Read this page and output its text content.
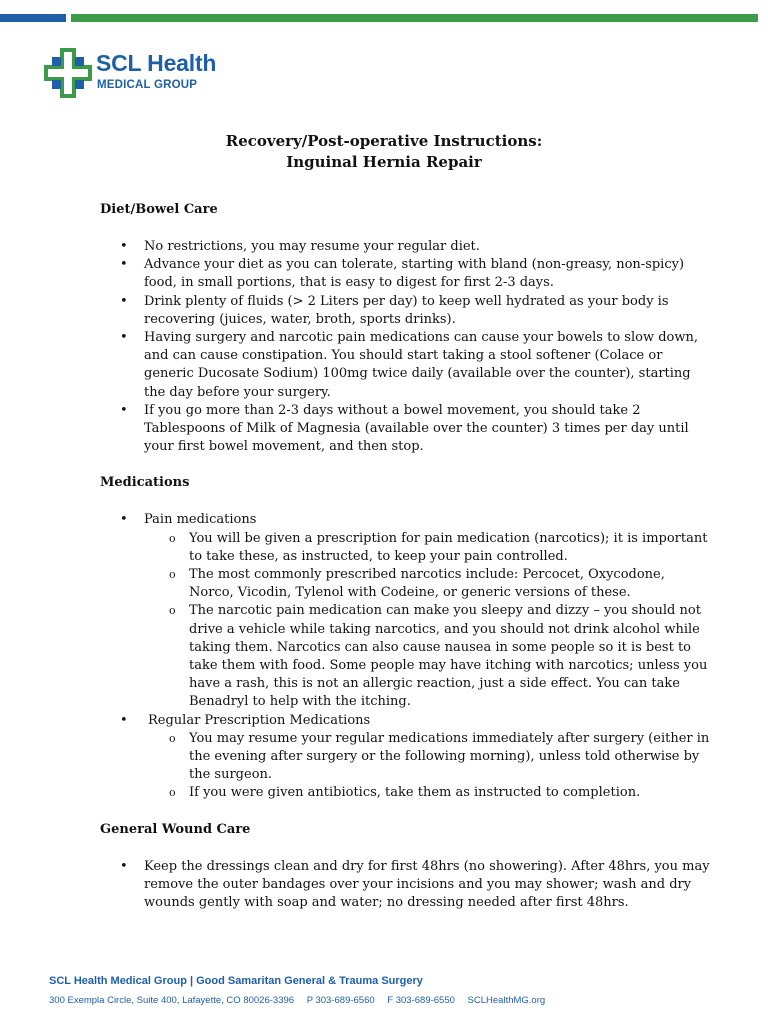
SCL Health
MEDICAL GROUP
Recovery/Post-operative Instructions:
Inguinal Hernia Repair
Diet/Bowel Care
• No restrictions, you may resume your regular diet.
• Advance your diet as you can tolerate, starting with bland (non-greasy, non-spicy) food, in small portions, that is easy to digest for first 2-3 days.
• Drink plenty of fluids (> 2 Liters per day) to keep well hydrated as your body is recovering (juices, water, broth, sports drinks).
• Having surgery and narcotic pain medications can cause your bowels to slow down, and can cause constipation. You should start taking a stool softener (Colace or generic Ducosate Sodium) 100mg twice daily (available over the counter), starting the day before your surgery.
• If you go more than 2-3 days without a bowel movement, you should take 2 Tablespoons of Milk of Magnesia (available over the counter) 3 times per day until your first bowel movement, and then stop.
Medications
• Pain medications
o You will be given a prescription for pain medication (narcotics); it is important to take these, as instructed, to keep your pain controlled.
o The most commonly prescribed narcotics include: Percocet, Oxycodone, Norco, Vicodin, Tylenol with Codeine, or generic versions of these.
o The narcotic pain medication can make you sleepy and dizzy – you should not drive a vehicle while taking narcotics, and you should not drink alcohol while taking them. Narcotics can also cause nausea in some people so it is best to take them with food. Some people may have itching with narcotics; unless you have a rash, this is not an allergic reaction, just a side effect. You can take Benadryl to help with the itching.
• Regular Prescription Medications
o You may resume your regular medications immediately after surgery (either in the evening after surgery or the following morning), unless told otherwise by the surgeon.
o If you were given antibiotics, take them as instructed to completion.
General Wound Care
• Keep the dressings clean and dry for first 48hrs (no showering). After 48hrs, you may remove the outer bandages over your incisions and you may shower; wash and dry wounds gently with soap and water; no dressing needed after first 48hrs.
SCL Health Medical Group | Good Samaritan General & Trauma Surgery
300 Exempla Circle, Suite 400, Lafayette, CO 80026-3396 P 303-689-6560 F 303-689-6550 SCLHealthMG.org
